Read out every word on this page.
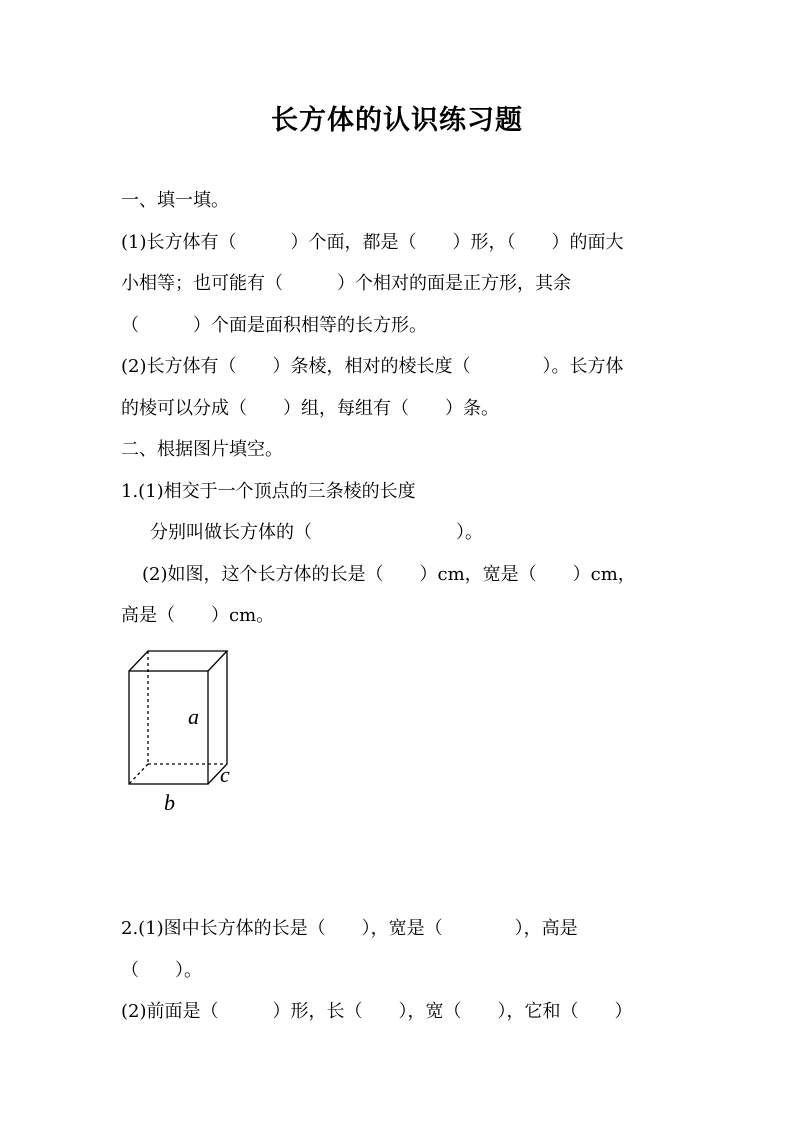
长方体的认识练习题
一、填一填。
(1)长方体有（　　　）个面，都是（　　）形，（　　）的面大
小相等；也可能有（　　　）个相对的面是正方形，其余
（　　　）个面是面积相等的长方形。
(2)长方体有（　　）条棱，相对的棱长度（　　　　）。长方体
的棱可以分成（　　）组，每组有（　　）条。
二、根据图片填空。
1.(1)相交于一个顶点的三条棱的长度
分别叫做长方体的（　　　　　　　　）。
(2)如图，这个长方体的长是（　　）cm，宽是（　　）cm，
高是（　　）cm。
a
b
c
2.(1)图中长方体的长是（　　），宽是（　　　　），高是
（　　）。
(2)前面是（　　　）形，长（　　），宽（　　），它和（　　）
